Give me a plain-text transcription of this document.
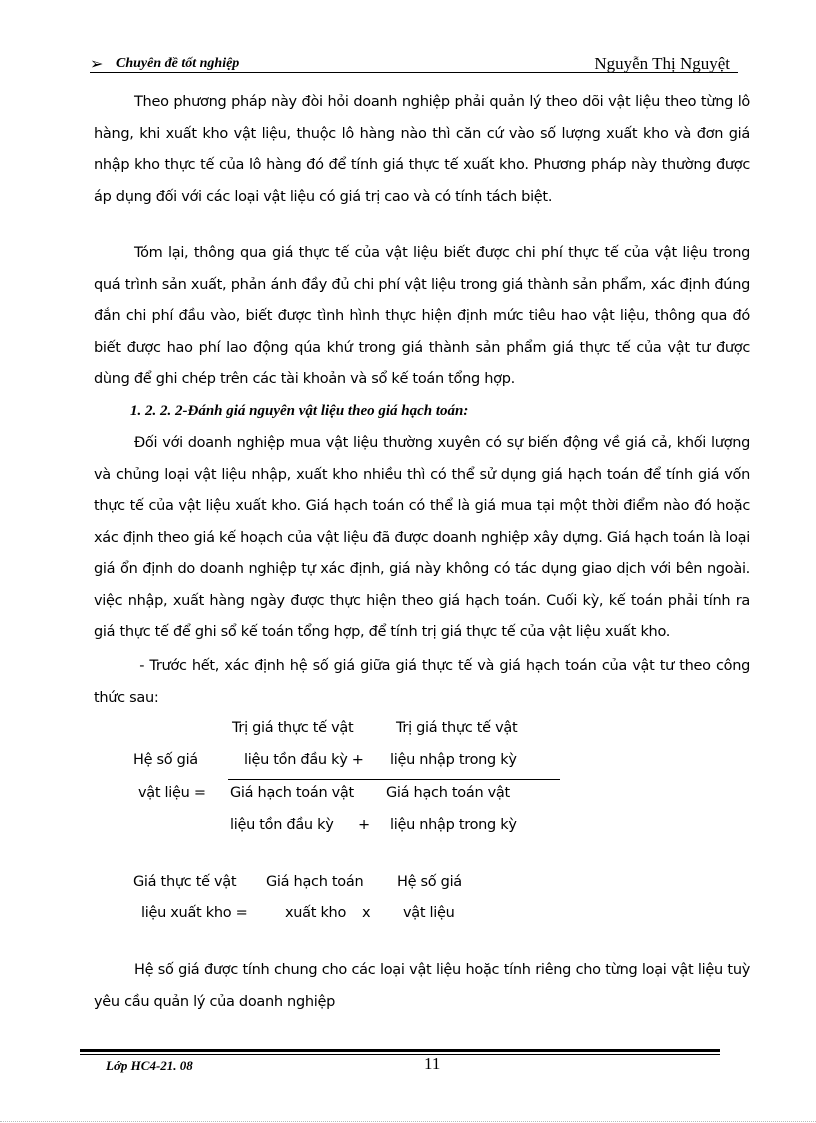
➢ Chuyên đề tốt nghiệp	Nguyễn Thị Nguyệt
Theo phương pháp này đòi hỏi doanh nghiệp phải quản lý theo dõi vật liệu theo từng lô hàng, khi xuất kho vật liệu, thuộc lô hàng nào thì căn cứ vào số lượng xuất kho và đơn giá nhập kho thực tế của lô hàng đó để tính giá thực tế xuất kho. Phương pháp này thường được áp dụng đối với các loại vật liệu có giá trị cao và có tính tách biệt.
Tóm lại, thông qua giá thực tế của vật liệu biết được chi phí thực tế của vật liệu trong quá trình sản xuất, phản ánh đầy đủ chi phí vật liệu trong giá thành sản phẩm, xác định đúng đắn chi phí đầu vào, biết được tình hình thực hiện định mức tiêu hao vật liệu, thông qua đó biết được hao phí lao động qúa khứ trong giá thành sản phẩm giá thực tế của vật tư được dùng để ghi chép trên các tài khoản và sổ kế toán tổng hợp.
1. 2. 2. 2-Đánh giá nguyên vật liệu theo giá hạch toán:
Đối với doanh nghiệp mua vật liệu thường xuyên có sự biến động về giá cả, khối lượng và chủng loại vật liệu nhập, xuất kho nhiều thì có thể sử dụng giá hạch toán để tính giá vốn thực tế của vật liệu xuất kho. Giá hạch toán có thể là giá mua tại một thời điểm nào đó hoặc xác định theo giá kế hoạch của vật liệu đã được doanh nghiệp xây dựng. Giá hạch toán là loại giá ổn định do doanh nghiệp tự xác định, giá này không có tác dụng giao dịch với bên ngoài. việc nhập, xuất hàng ngày được thực hiện theo giá hạch toán. Cuối kỳ, kế toán phải tính ra giá thực tế để ghi sổ kế toán tổng hợp, để tính trị giá thực tế của vật liệu xuất kho.
- Trước hết, xác định hệ số giá giữa giá thực tế và giá hạch toán của vật tư theo công thức sau:
Trị giá thực tế vật	Trị giá thực tế vật
Hệ số giá	liệu tồn đầu kỳ + liệu nhập trong kỳ
vật liệu = Giá hạch toán vật Giá hạch toán vật
liệu tồn đầu kỳ + liệu nhập trong kỳ
Giá thực tế vật Giá hạch toán Hệ số giá
liệu xuất kho =	xuất kho x vật liệu
Hệ số giá được tính chung cho các loại vật liệu hoặc tính riêng cho từng loại vật liệu tuỳ yêu cầu quản lý của doanh nghiệp
Lớp HC4-21. 08	11
